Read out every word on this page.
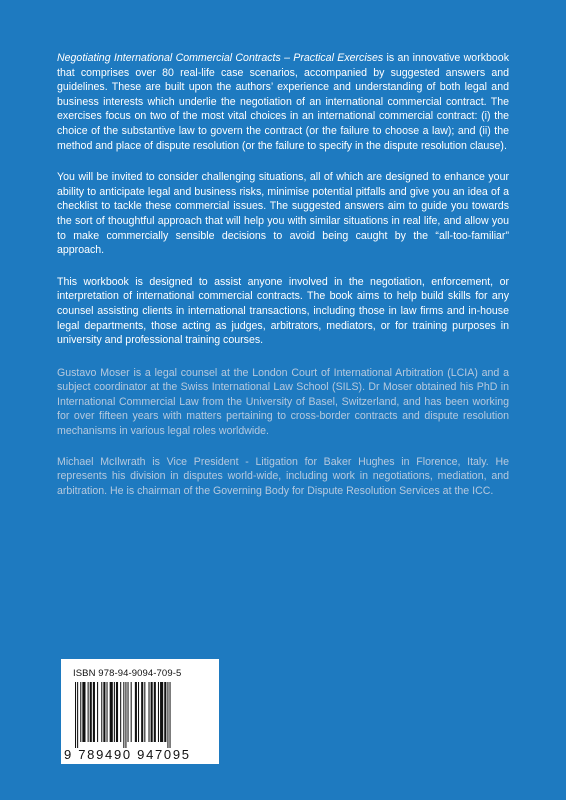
Negotiating International Commercial Contracts – Practical Exercises is an innovative workbook that comprises over 80 real-life case scenarios, accompanied by suggested answers and guidelines. These are built upon the authors’ experience and understanding of both legal and business interests which underlie the negotiation of an international commercial contract. The exercises focus on two of the most vital choices in an international commercial contract: (i) the choice of the substantive law to govern the contract (or the failure to choose a law); and (ii) the method and place of dispute resolution (or the failure to specify in the dispute resolution clause).

You will be invited to consider challenging situations, all of which are designed to enhance your ability to anticipate legal and business risks, minimise potential pitfalls and give you an idea of a checklist to tackle these commercial issues. The suggested answers aim to guide you towards the sort of thoughtful approach that will help you with similar situations in real life, and allow you to make commercially sensible decisions to avoid being caught by the “all-too-familiar” approach.

This workbook is designed to assist anyone involved in the negotiation, enforcement, or interpretation of international commercial contracts. The book aims to help build skills for any counsel assisting clients in international transactions, including those in law firms and in-house legal departments, those acting as judges, arbitrators, mediators, or for training purposes in university and professional training courses.

Gustavo Moser is a legal counsel at the London Court of International Arbitration (LCIA) and a subject coordinator at the Swiss International Law School (SILS). Dr Moser obtained his PhD in International Commercial Law from the University of Basel, Switzerland, and has been working for over fifteen years with matters pertaining to cross-border contracts and dispute resolution mechanisms in various legal roles worldwide.

Michael McIlwrath is Vice President - Litigation for Baker Hughes in Florence, Italy. He represents his division in disputes world-wide, including work in negotiations, mediation, and arbitration. He is chairman of the Governing Body for Dispute Resolution Services at the ICC.

ISBN 978-94-9094-709-5
9 789490 947095
